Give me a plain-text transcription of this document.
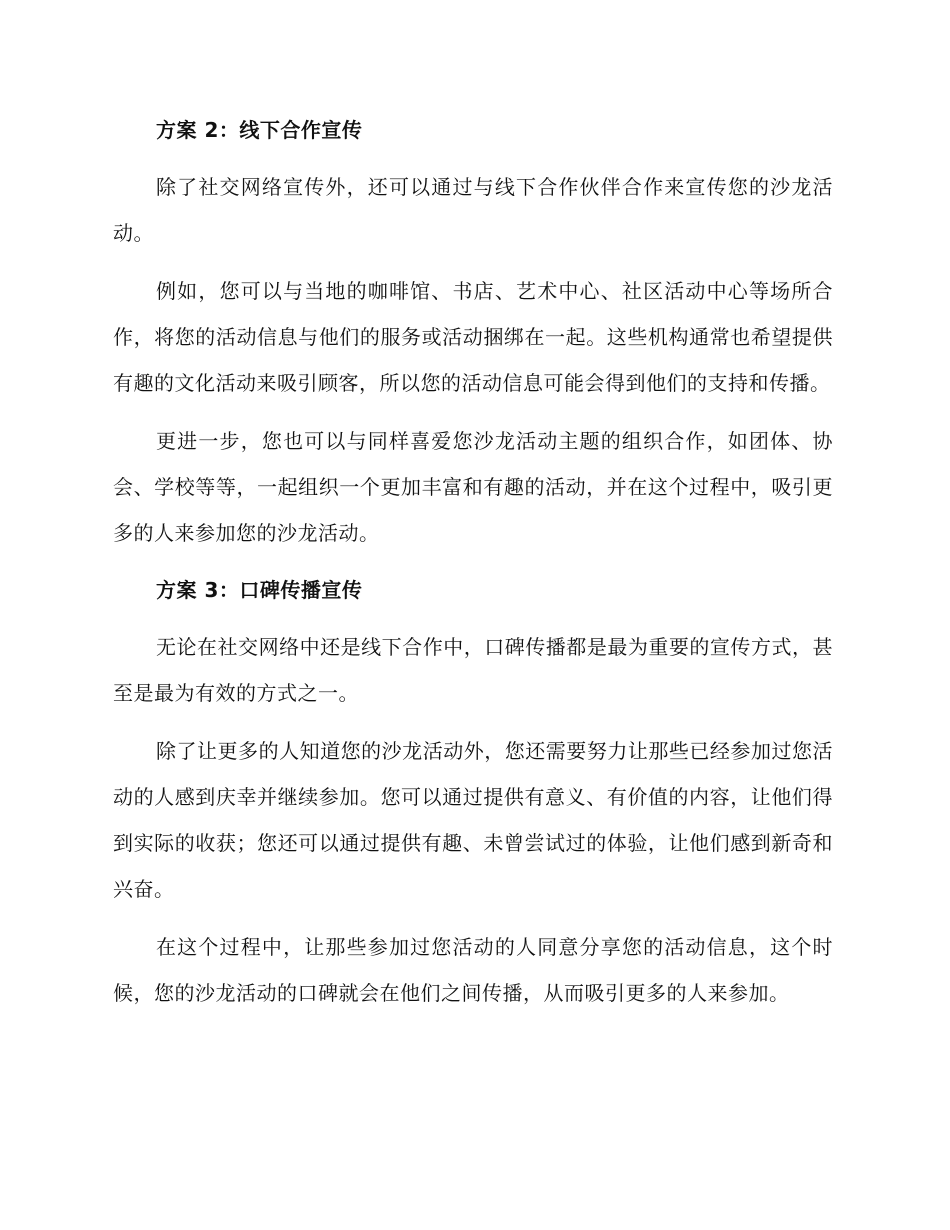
方案 2：线下合作宣传

除了社交网络宣传外，还可以通过与线下合作伙伴合作来宣传您的沙龙活动。

例如，您可以与当地的咖啡馆、书店、艺术中心、社区活动中心等场所合作，将您的活动信息与他们的服务或活动捆绑在一起。这些机构通常也希望提供有趣的文化活动来吸引顾客，所以您的活动信息可能会得到他们的支持和传播。

更进一步，您也可以与同样喜爱您沙龙活动主题的组织合作，如团体、协会、学校等等，一起组织一个更加丰富和有趣的活动，并在这个过程中，吸引更多的人来参加您的沙龙活动。

方案 3：口碑传播宣传

无论在社交网络中还是线下合作中，口碑传播都是最为重要的宣传方式，甚至是最为有效的方式之一。

除了让更多的人知道您的沙龙活动外，您还需要努力让那些已经参加过您活动的人感到庆幸并继续参加。您可以通过提供有意义、有价值的内容，让他们得到实际的收获；您还可以通过提供有趣、未曾尝试过的体验，让他们感到新奇和兴奋。

在这个过程中，让那些参加过您活动的人同意分享您的活动信息，这个时候，您的沙龙活动的口碑就会在他们之间传播，从而吸引更多的人来参加。
